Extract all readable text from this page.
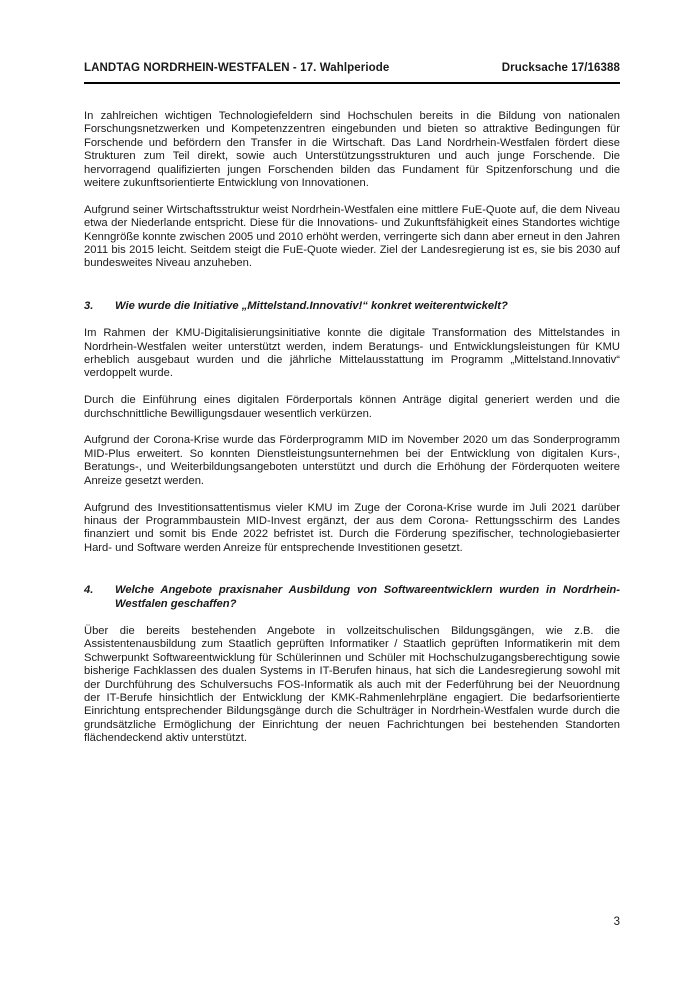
LANDTAG NORDRHEIN-WESTFALEN - 17. Wahlperiode	Drucksache 17/16388

In zahlreichen wichtigen Technologiefeldern sind Hochschulen bereits in die Bildung von nationalen Forschungsnetzwerken und Kompetenzzentren eingebunden und bieten so attraktive Bedingungen für Forschende und befördern den Transfer in die Wirtschaft. Das Land Nordrhein-Westfalen fördert diese Strukturen zum Teil direkt, sowie auch Unterstützungsstrukturen und auch junge Forschende. Die hervorragend qualifizierten jungen Forschenden bilden das Fundament für Spitzenforschung und die weitere zukunftsorientierte Entwicklung von Innovationen.

Aufgrund seiner Wirtschaftsstruktur weist Nordrhein-Westfalen eine mittlere FuE-Quote auf, die dem Niveau etwa der Niederlande entspricht. Diese für die Innovations- und Zukunftsfähigkeit eines Standortes wichtige Kenngröße konnte zwischen 2005 und 2010 erhöht werden, verringerte sich dann aber erneut in den Jahren 2011 bis 2015 leicht. Seitdem steigt die FuE-Quote wieder. Ziel der Landesregierung ist es, sie bis 2030 auf bundesweites Niveau anzuheben.

3.	Wie wurde die Initiative „Mittelstand.Innovativ!“ konkret weiterentwickelt?

Im Rahmen der KMU-Digitalisierungsinitiative konnte die digitale Transformation des Mittelstandes in Nordrhein-Westfalen weiter unterstützt werden, indem Beratungs- und Entwicklungsleistungen für KMU erheblich ausgebaut wurden und die jährliche Mittelausstattung im Programm „Mittelstand.Innovativ“ verdoppelt wurde.

Durch die Einführung eines digitalen Förderportals können Anträge digital generiert werden und die durchschnittliche Bewilligungsdauer wesentlich verkürzen.

Aufgrund der Corona-Krise wurde das Förderprogramm MID im November 2020 um das Sonderprogramm MID-Plus erweitert. So konnten Dienstleistungsunternehmen bei der Entwicklung von digitalen Kurs-, Beratungs-, und Weiterbildungsangeboten unterstützt und durch die Erhöhung der Förderquoten weitere Anreize gesetzt werden.

Aufgrund des Investitionsattentismus vieler KMU im Zuge der Corona-Krise wurde im Juli 2021 darüber hinaus der Programmbaustein MID-Invest ergänzt, der aus dem Corona- Rettungsschirm des Landes finanziert und somit bis Ende 2022 befristet ist. Durch die Förderung spezifischer, technologiebasierter Hard- und Software werden Anreize für entsprechende Investitionen gesetzt.

4.	Welche Angebote praxisnaher Ausbildung von Softwareentwicklern wurden in Nordrhein-Westfalen geschaffen?

Über die bereits bestehenden Angebote in vollzeitschulischen Bildungsgängen, wie z.B. die Assistentenausbildung zum Staatlich geprüften Informatiker / Staatlich geprüften Informatikerin mit dem Schwerpunkt Softwareentwicklung für Schülerinnen und Schüler mit Hochschulzugangsberechtigung sowie bisherige Fachklassen des dualen Systems in IT-Berufen hinaus, hat sich die Landesregierung sowohl mit der Durchführung des Schulversuchs FOS-Informatik als auch mit der Federführung bei der Neuordnung der IT-Berufe hinsichtlich der Entwicklung der KMK-Rahmenlehrpläne engagiert. Die bedarfsorientierte Einrichtung entsprechender Bildungsgänge durch die Schulträger in Nordrhein-Westfalen wurde durch die grundsätzliche Ermöglichung der Einrichtung der neuen Fachrichtungen bei bestehenden Standorten flächendeckend aktiv unterstützt.

3
